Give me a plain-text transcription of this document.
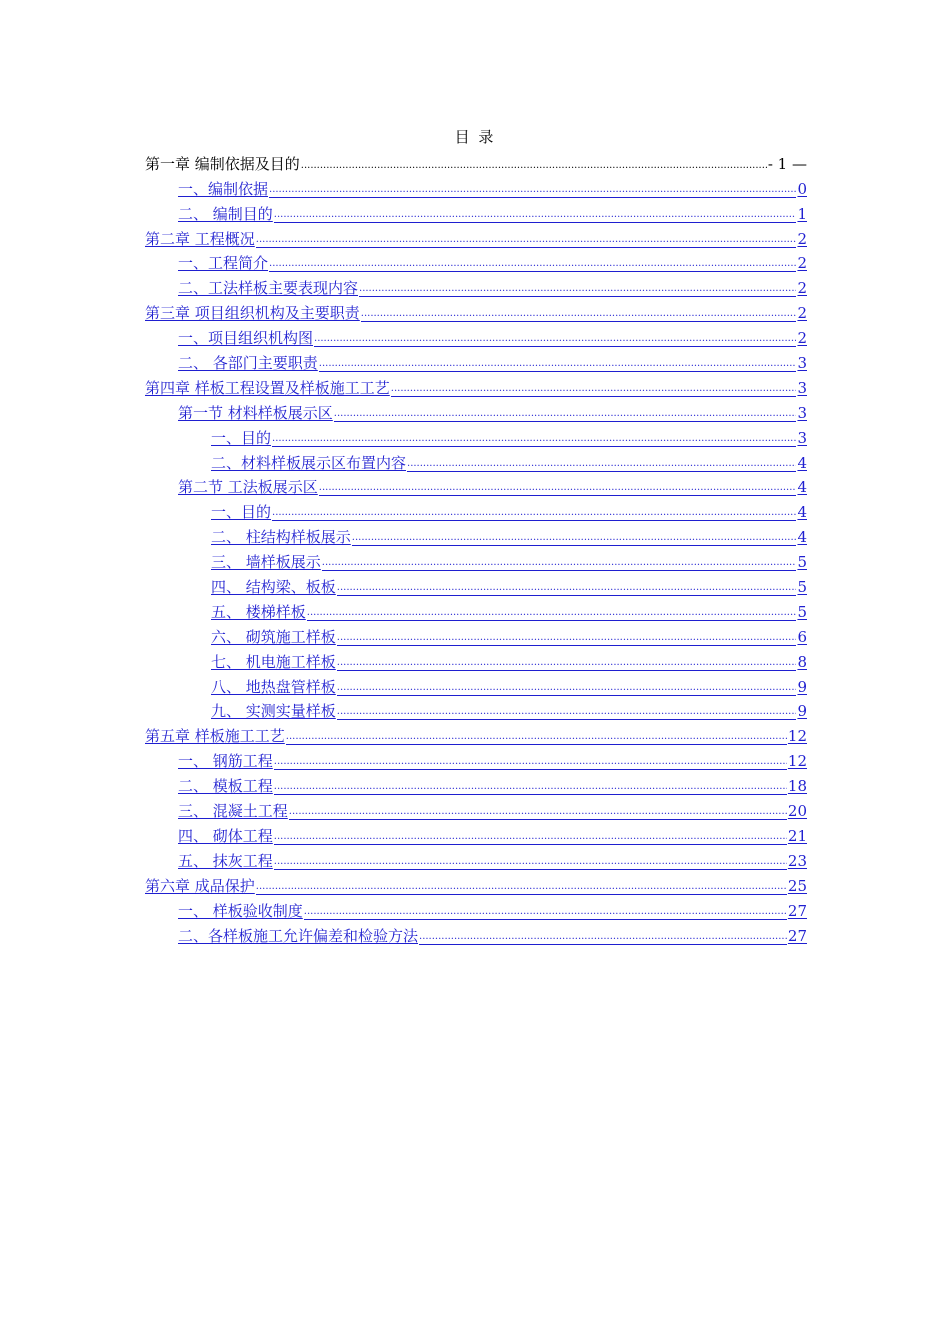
目 录
第一章 编制依据及目的 .....	- 1 —
一、编制依据 .....	0
二、 编制目的 .....	1
第二章 工程概况 .....	2
一、工程简介 .....	2
二、工法样板主要表现内容 .....	2
第三章 项目组织机构及主要职责 .....	2
一、项目组织机构图 .....	2
二、 各部门主要职责 .....	3
第四章 样板工程设置及样板施工工艺 .....	3
第一节 材料样板展示区 .....	3
一、目的 .....	3
二、材料样板展示区布置内容 .....	4
第二节 工法板展示区 .....	4
一、目的 .....	4
二、 柱结构样板展示 .....	4
三、 墙样板展示 .....	5
四、 结构梁、板板 .....	5
五、 楼梯样板 .....	5
六、 砌筑施工样板 .....	6
七、 机电施工样板 .....	8
八、 地热盘管样板 .....	9
九、 实测实量样板 .....	9
第五章 样板施工工艺 .....	12
一、 钢筋工程 .....	12
二、 模板工程 .....	18
三、 混凝土工程 .....	20
四、 砌体工程 .....	21
五、 抹灰工程 .....	23
第六章 成品保护 .....	25
一、 样板验收制度 .....	27
二、各样板施工允许偏差和检验方法 .....	27
